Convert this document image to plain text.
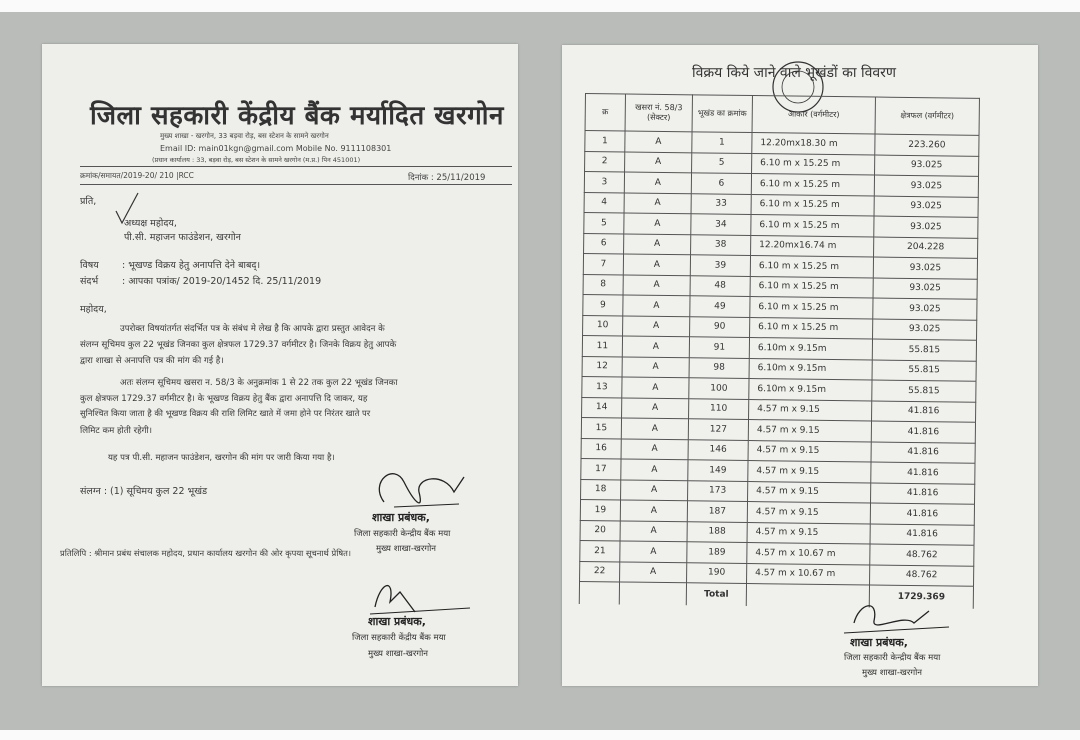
जिला सहकारी केंद्रीय बैंक मर्यादित खरगोन
मुख्य शाखा - खरगोन, 33 बड़वा रोड़, बस स्टेशन के सामने खरगोन
Email ID: main01kgn@gmail.com Mobile No. 9111108301
(प्रधान कार्यालय : 33, बड़वा रोड़, बस स्टेशन के सामने खरगोन (म.प्र.) पिन 451001)
क्रमांक/समायत/2019-20/ 210 |RCC	दिनांक : 25/11/2019
प्रति,
अध्यक्ष महोदय,
पी.सी. महाजन फाउंडेशन, खरगोन
विषय : भूखण्ड विक्रय हेतु अनापत्ति देने बाबद्‌।
संदर्भ	: आपका पत्रांक/ 2019-20/1452 दि. 25/11/2019
महोदय,
उपरोक्त विषयांतर्गत संदर्भित पत्र के संबंध मे लेख है कि आपके द्वारा प्रस्तुत आवेदन के
संलग्न सूचिमय कुल 22 भूखंड जिनका कुल क्षेत्रफल 1729.37 वर्गमीटर है। जिनके विक्रय हेतु आपके
द्वारा शाखा से अनापत्ति पत्र की मांग की गई है।
अतः संलग्न सूचिमय खसरा न. 58/3 के अनुक्रमांक 1 से 22 तक कुल 22 भूखंड जिनका
कुल क्षेत्रफल 1729.37 वर्गमीटर है। के भूखण्ड विक्रय हेतु बैंक द्वारा अनापत्ति दि जाकर, यह
सुनिश्चित किया जाता है की भूखण्ड विक्रय की राशि लिमिट खाते में जमा होने पर निरंतर खाते पर
लिमिट कम होती रहेगी।
यह पत्र पी.सी. महाजन फाउंडेशन, खरगोन की मांग पर जारी किया गया है।
संलग्न : (1) सूचिमय कुल 22 भूखंड
शाखा प्रबंधक,
जिला सहकारी केन्द्रीय बैंक मया
मुख्य शाखा-खरगोन
प्रतिलिपि : श्रीमान प्रबंध संचालक महोदय, प्रधान कार्यालय खरगोन की ओर कृपया सूचनार्थ प्रेषित।
शाखा प्रबंधक,
जिला सहकारी केंद्रीय बैंक मया
मुख्य शाखा-खरगोन
विक्रय किये जाने वाले भूखंडों का विवरण
क्र	खसरा नं. 58/3 (सेक्टर)	भूखंड का क्रमांक	आकार (वर्गमीटर)	क्षेत्रफल (वर्गमीटर)
1	A	1	12.20mx18.30 m	223.260
2	A	5	6.10 m x 15.25 m	93.025
3	A	6	6.10 m x 15.25 m	93.025
4	A	33	6.10 m x 15.25 m	93.025
5	A	34	6.10 m x 15.25 m	93.025
6	A	38	12.20mx16.74 m	204.228
7	A	39	6.10 m x 15.25 m	93.025
8	A	48	6.10 m x 15.25 m	93.025
9	A	49	6.10 m x 15.25 m	93.025
10	A	90	6.10 m x 15.25 m	93.025
11	A	91	6.10m x 9.15m	55.815
12	A	98	6.10m x 9.15m	55.815
13	A	100	6.10m x 9.15m	55.815
14	A	110	4.57 m x 9.15	41.816
15	A	127	4.57 m x 9.15	41.816
16	A	146	4.57 m x 9.15	41.816
17	A	149	4.57 m x 9.15	41.816
18	A	173	4.57 m x 9.15	41.816
19	A	187	4.57 m x 9.15	41.816
20	A	188	4.57 m x 9.15	41.816
21	A	189	4.57 m x 10.67 m	48.762
22	A	190	4.57 m x 10.67 m	48.762
		Total		1729.369
शाखा प्रबंधक,
जिला सहकारी केन्द्रीय बैंक मया
मुख्य शाखा-खरगोन
